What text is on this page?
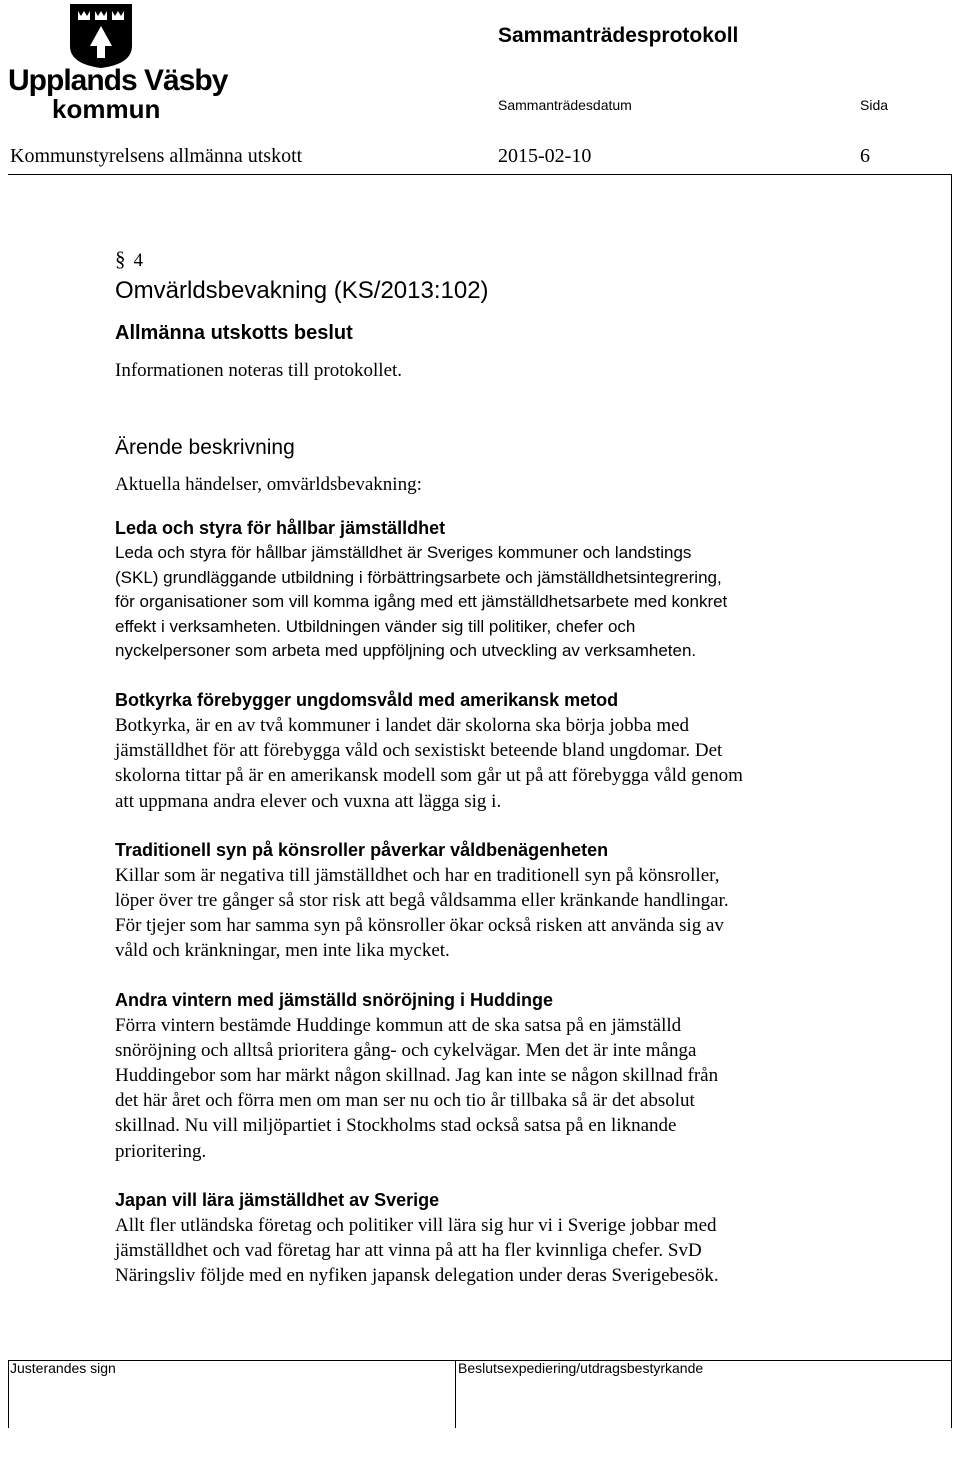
Upplands Väsby
kommun
Sammanträdesprotokoll
Sammanträdesdatum	Sida
Kommunstyrelsens allmänna utskott	2015-02-10	6
§ 4
Omvärldsbevakning (KS/2013:102)
Allmänna utskotts beslut

Informationen noteras till protokollet.

Ärende beskrivning

Aktuella händelser, omvärldsbevakning:

Leda och styra för hållbar jämställdhet
Leda och styra för hållbar jämställdhet är Sveriges kommuner och landstings
(SKL) grundläggande utbildning i förbättringsarbete och jämställdhetsintegrering,
för organisationer som vill komma igång med ett jämställdhetsarbete med konkret
effekt i verksamheten. Utbildningen vänder sig till politiker, chefer och
nyckelpersoner som arbeta med uppföljning och utveckling av verksamheten.
Botkyrka förebygger ungdomsvåld med amerikansk metod

Botkyrka, är en av två kommuner i landet där skolorna ska börja jobba med

jämställdhet för att förebygga våld och sexistiskt beteende bland ungdomar. Det

skolorna tittar på är en amerikansk modell som går ut på att förebygga våld genom

att uppmana andra elever och vuxna att lägga sig i.

Traditionell syn på könsroller påverkar våldbenägenheten

Killar som är negativa till jämställdhet och har en traditionell syn på könsroller,

löper över tre gånger så stor risk att begå våldsamma eller kränkande handlingar.

För tjejer som har samma syn på könsroller ökar också risken att använda sig av

våld och kränkningar, men inte lika mycket.

Andra vintern med jämställd snöröjning i Huddinge

Förra vintern bestämde Huddinge kommun att de ska satsa på en jämställd

snöröjning och alltså prioritera gång- och cykelvägar. Men det är inte många

Huddingebor som har märkt någon skillnad. Jag kan inte se någon skillnad från

det här året och förra men om man ser nu och tio år tillbaka så är det absolut

skillnad. Nu vill miljöpartiet i Stockholms stad också satsa på en liknande

prioritering.

Japan vill lära jämställdhet av Sverige

Allt fler utländska företag och politiker vill lära sig hur vi i Sverige jobbar med

jämställdhet och vad företag har att vinna på att ha fler kvinnliga chefer. SvD

Näringsliv följde med en nyfiken japansk delegation under deras Sverigebesök.

Justerandes sign	Beslutsexpediering/utdragsbestyrkande
